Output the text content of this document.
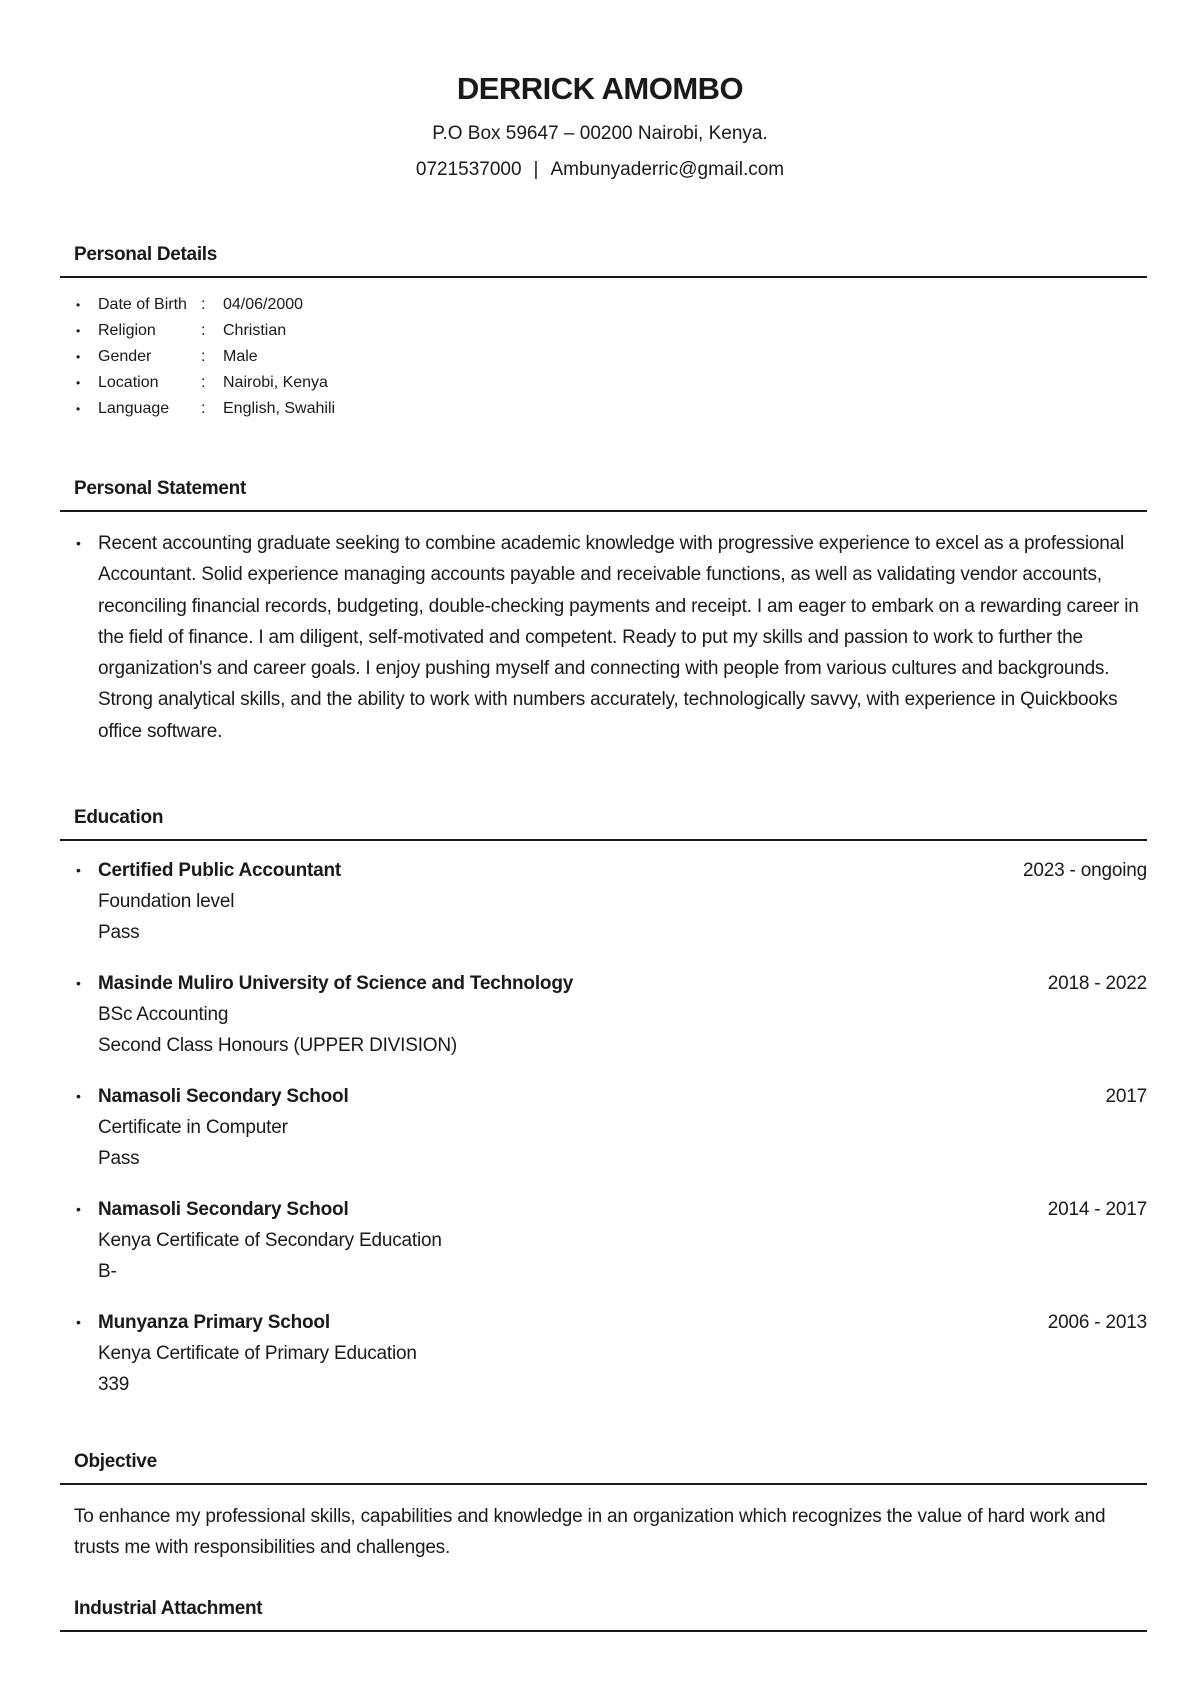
DERRICK AMOMBO
P.O Box 59647 – 00200 Nairobi, Kenya.
0721537000 | Ambunyaderric@gmail.com
Personal Details
• Date of Birth :	04/06/2000
• Religion	:	Christian
• Gender	:	Male
• Location	:	Nairobi, Kenya
• Language	:	English, Swahili
Personal Statement
• Recent accounting graduate seeking to combine academic knowledge with progressive experience to excel as a professional Accountant. Solid experience managing accounts payable and receivable functions, as well as validating vendor accounts, reconciling financial records, budgeting, double-checking payments and receipt. I am eager to embark on a rewarding career in the field of finance. I am diligent, self-motivated and competent. Ready to put my skills and passion to work to further the organization's and career goals. I enjoy pushing myself and connecting with people from various cultures and backgrounds. Strong analytical skills, and the ability to work with numbers accurately, technologically savvy, with experience in Quickbooks office software.
Education
• Certified Public Accountant	2023 - ongoing
Foundation level
Pass
• Masinde Muliro University of Science and Technology	2018 - 2022
BSc Accounting
Second Class Honours (UPPER DIVISION)
• Namasoli Secondary School	2017
Certificate in Computer
Pass
• Namasoli Secondary School	2014 - 2017
Kenya Certificate of Secondary Education
B-
• Munyanza Primary School	2006 - 2013
Kenya Certificate of Primary Education
339
Objective
To enhance my professional skills, capabilities and knowledge in an organization which recognizes the value of hard work and trusts me with responsibilities and challenges.
Industrial Attachment
